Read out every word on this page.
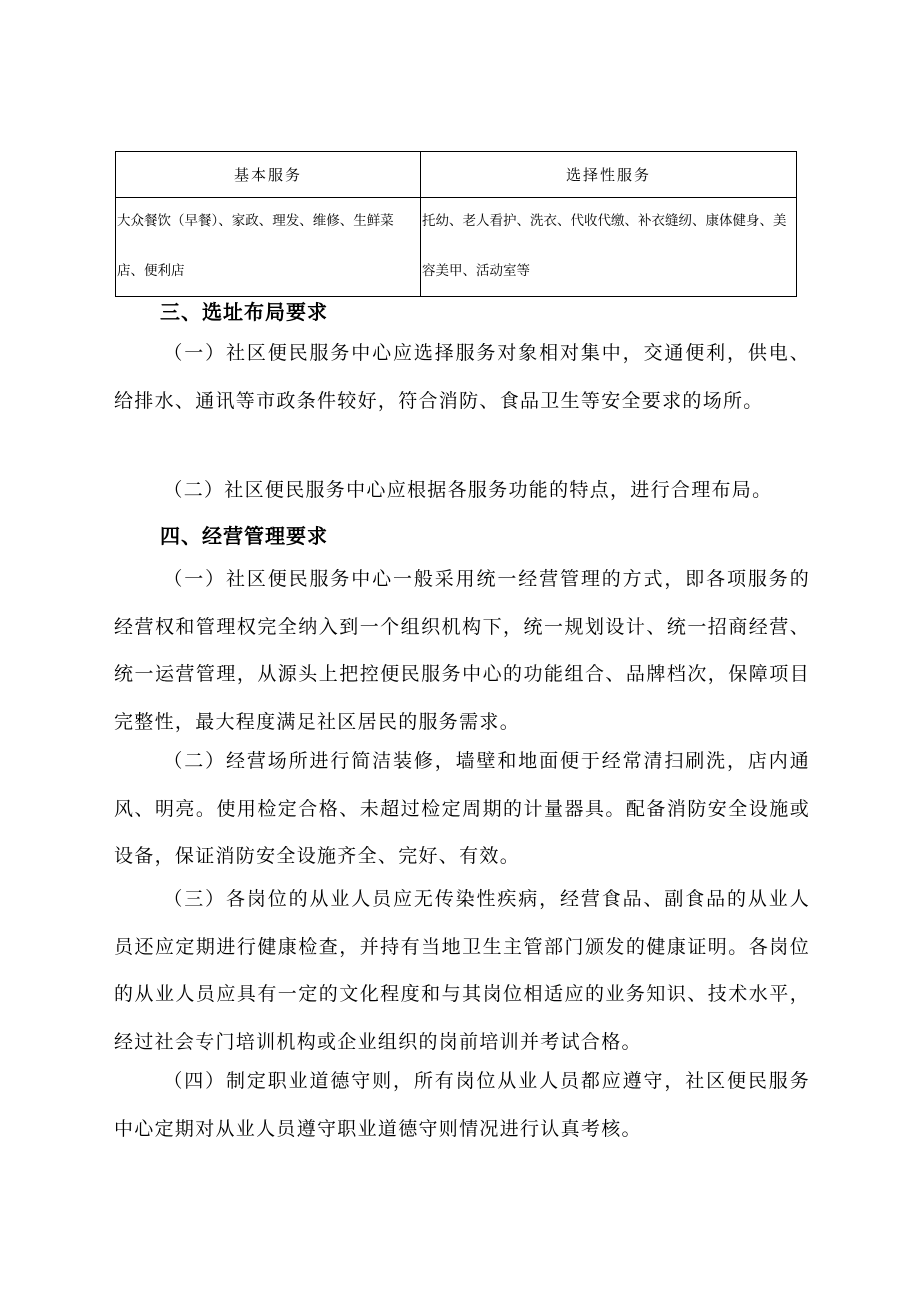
基本服务	选择性服务

大众餐饮（早餐）、家政、理发、维修、生鲜菜店、便利店	托幼、老人看护、洗衣、代收代缴、补衣缝纫、康体健身、美容美甲、活动室等
三、选址布局要求
（一）社区便民服务中心应选择服务对象相对集中，交通便利，供电、给排水、通讯等市政条件较好，符合消防、食品卫生等安全要求的场所。
（二）社区便民服务中心应根据各服务功能的特点，进行合理布局。
四、经营管理要求
（一）社区便民服务中心一般采用统一经营管理的方式，即各项服务的经营权和管理权完全纳入到一个组织机构下，统一规划设计、统一招商经营、统一运营管理，从源头上把控便民服务中心的功能组合、品牌档次，保障项目完整性，最大程度满足社区居民的服务需求。
（二）经营场所进行简洁装修，墙壁和地面便于经常清扫刷洗，店内通风、明亮。使用检定合格、未超过检定周期的计量器具。配备消防安全设施或设备，保证消防安全设施齐全、完好、有效。
（三）各岗位的从业人员应无传染性疾病，经营食品、副食品的从业人员还应定期进行健康检查，并持有当地卫生主管部门颁发的健康证明。各岗位的从业人员应具有一定的文化程度和与其岗位相适应的业务知识、技术水平，经过社会专门培训机构或企业组织的岗前培训并考试合格。
（四）制定职业道德守则，所有岗位从业人员都应遵守，社区便民服务中心定期对从业人员遵守职业道德守则情况进行认真考核。
